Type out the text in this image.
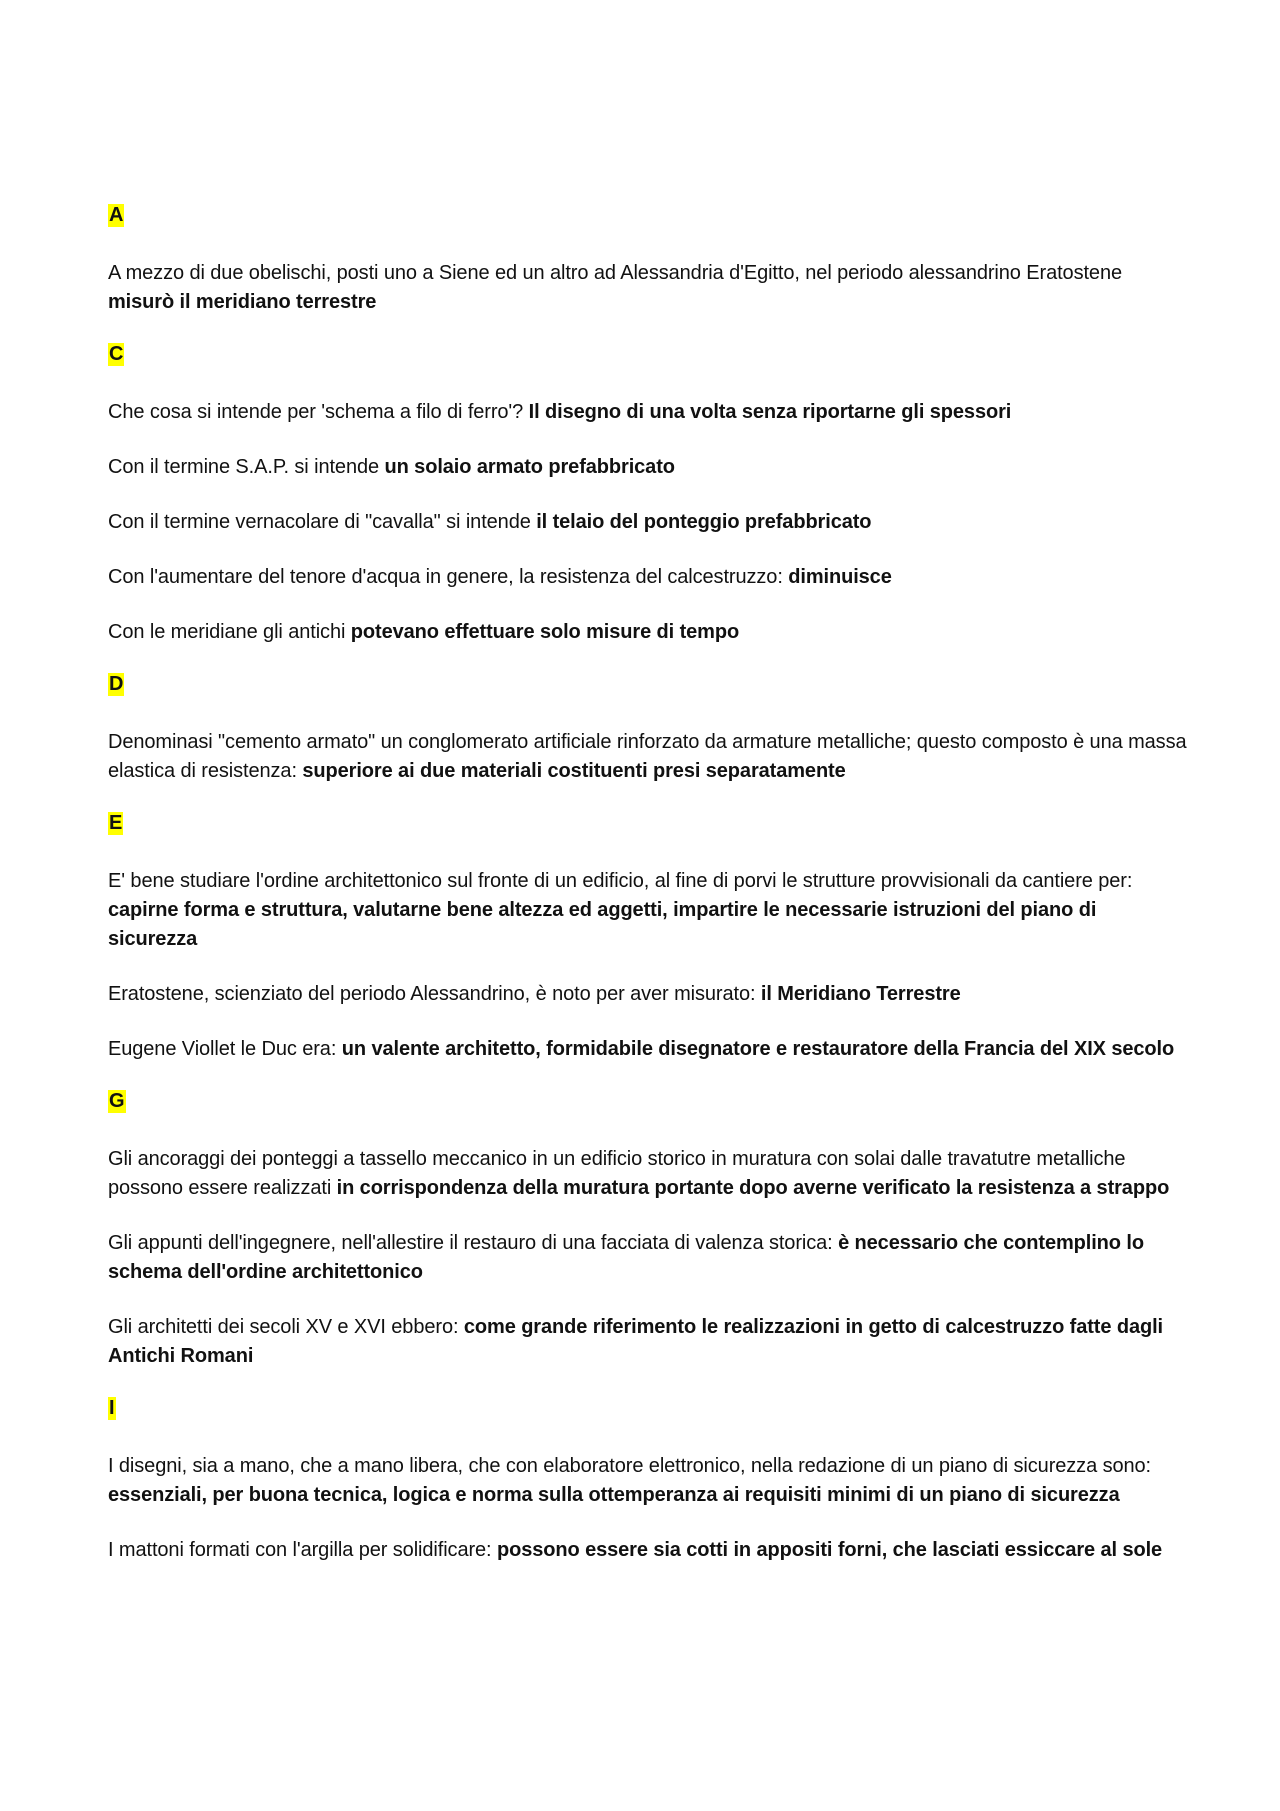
A

A mezzo di due obelischi, posti uno a Siene ed un altro ad Alessandria d'Egitto, nel periodo alessandrino Eratostene misurò il meridiano terrestre

C

Che cosa si intende per 'schema a filo di ferro'? Il disegno di una volta senza riportarne gli spessori

Con il termine S.A.P. si intende un solaio armato prefabbricato

Con il termine vernacolare di "cavalla" si intende il telaio del ponteggio prefabbricato

Con l'aumentare del tenore d'acqua in genere, la resistenza del calcestruzzo: diminuisce

Con le meridiane gli antichi potevano effettuare solo misure di tempo

D

Denominasi "cemento armato" un conglomerato artificiale rinforzato da armature metalliche; questo composto è una massa elastica di resistenza: superiore ai due materiali costituenti presi separatamente

E

E' bene studiare l'ordine architettonico sul fronte di un edificio, al fine di porvi le strutture provvisionali da cantiere per: capirne forma e struttura, valutarne bene altezza ed aggetti, impartire le necessarie istruzioni del piano di sicurezza

Eratostene, scienziato del periodo Alessandrino, è noto per aver misurato: il Meridiano Terrestre

Eugene Viollet le Duc era: un valente architetto, formidabile disegnatore e restauratore della Francia del XIX secolo

G

Gli ancoraggi dei ponteggi a tassello meccanico in un edificio storico in muratura con solai dalle travatutre metalliche possono essere realizzati in corrispondenza della muratura portante dopo averne verificato la resistenza a strappo

Gli appunti dell'ingegnere, nell'allestire il restauro di una facciata di valenza storica: è necessario che contemplino lo schema dell'ordine architettonico

Gli architetti dei secoli XV e XVI ebbero: come grande riferimento le realizzazioni in getto di calcestruzzo fatte dagli Antichi Romani

I

I disegni, sia a mano, che a mano libera, che con elaboratore elettronico, nella redazione di un piano di sicurezza sono: essenziali, per buona tecnica, logica e norma sulla ottemperanza ai requisiti minimi di un piano di sicurezza

I mattoni formati con l'argilla per solidificare: possono essere sia cotti in appositi forni, che lasciati essiccare al sole
